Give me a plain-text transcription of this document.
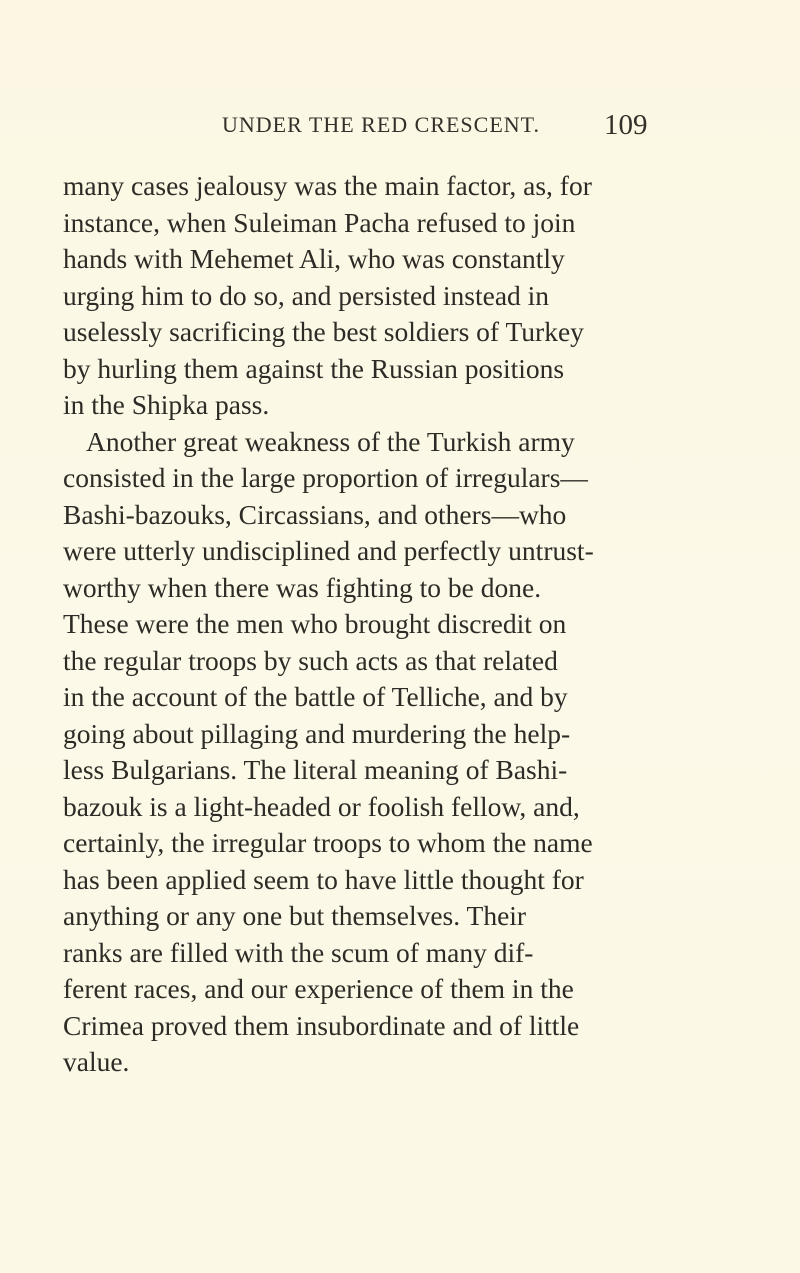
UNDER THE RED CRESCENT. 109
many cases jealousy was the main factor, as, for
instance, when Suleiman Pacha refused to join
hands with Mehemet Ali, who was constantly
urging him to do so, and persisted instead in
uselessly sacrificing the best soldiers of Turkey
by hurling them against the Russian positions
in the Shipka pass.
Another great weakness of the Turkish army
consisted in the large proportion of irregulars—
Bashi-bazouks, Circassians, and others—who
were utterly undisciplined and perfectly untrust-
worthy when there was fighting to be done.
These were the men who brought discredit on
the regular troops by such acts as that related
in the account of the battle of Telliche, and by
going about pillaging and murdering the help-
less Bulgarians. The literal meaning of Bashi-
bazouk is a light-headed or foolish fellow, and,
certainly, the irregular troops to whom the name
has been applied seem to have little thought for
anything or any one but themselves. Their
ranks are filled with the scum of many dif-
ferent races, and our experience of them in the
Crimea proved them insubordinate and of little
value.
